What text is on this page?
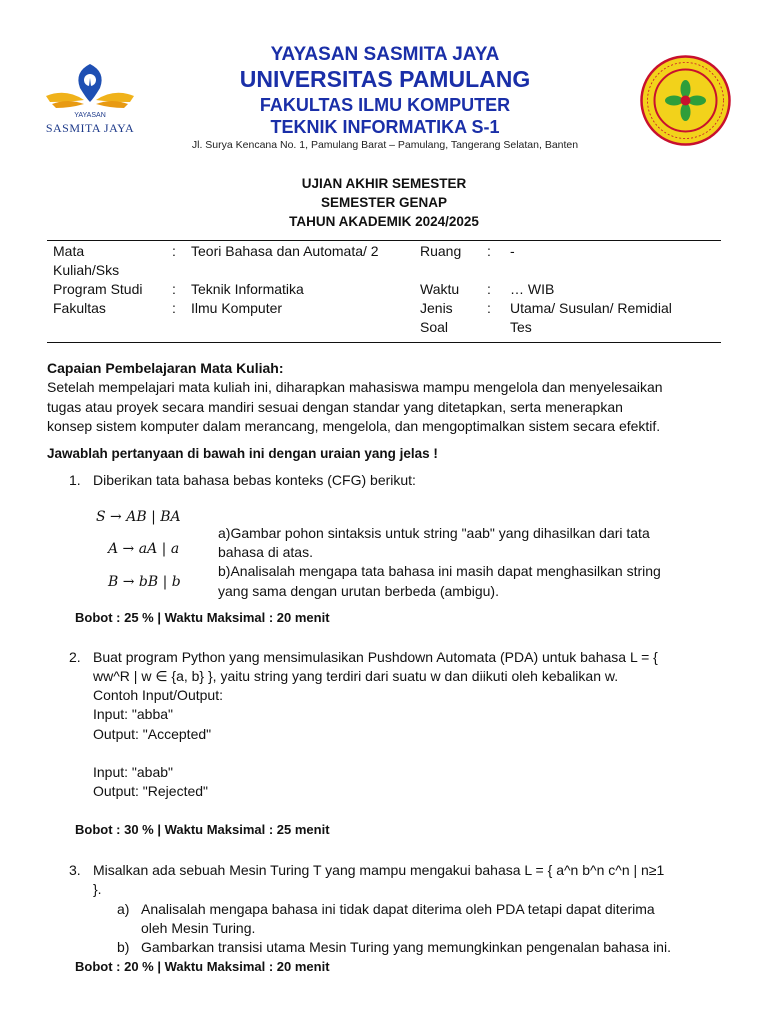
YAYASAN
SASMITA JAYA
YAYASAN SASMITA JAYA
UNIVERSITAS PAMULANG
FAKULTAS ILMU KOMPUTER
TEKNIK INFORMATIKA S-1
Jl. Surya Kencana No. 1, Pamulang Barat – Pamulang, Tangerang Selatan, Banten
UJIAN AKHIR SEMESTER
SEMESTER GENAP
TAHUN AKADEMIK 2024/2025
Mata
Kuliah/Sks
: Teori Bahasa dan Automata/ 2
Program Studi : Teknik Informatika
Fakultas	: Ilmu Komputer
Ruang : -
Waktu : … WIB
Jenis
Soal
: Utama/ Susulan/ Remidial
Tes
Capaian Pembelajaran Mata Kuliah:
Setelah mempelajari mata kuliah ini, diharapkan mahasiswa mampu mengelola dan menyelesaikan
tugas atau proyek secara mandiri sesuai dengan standar yang ditetapkan, serta menerapkan
konsep sistem komputer dalam merancang, mengelola, dan mengoptimalkan sistem secara efektif.
Jawablah pertanyaan di bawah ini dengan uraian yang jelas !
1. Diberikan tata bahasa bebas konteks (CFG) berikut:
S → AB | BA
A → aA | a
B → bB | b
a)Gambar pohon sintaksis untuk string "aab" yang dihasilkan dari tata
bahasa di atas.
b)Analisalah mengapa tata bahasa ini masih dapat menghasilkan string
yang sama dengan urutan berbeda (ambigu).
Bobot : 25 % | Waktu Maksimal : 20 menit
2. Buat program Python yang mensimulasikan Pushdown Automata (PDA) untuk bahasa L = {
ww^R | w ∈ {a, b} }, yaitu string yang terdiri dari suatu w dan diikuti oleh kebalikan w.
Contoh Input/Output:
Input: "abba"
Output: "Accepted"
Input: "abab"
Output: "Rejected"
Bobot : 30 % | Waktu Maksimal : 25 menit
3. Misalkan ada sebuah Mesin Turing T yang mampu mengakui bahasa L = { a^n b^n c^n | n≥1
}.
a) Analisalah mengapa bahasa ini tidak dapat diterima oleh PDA tetapi dapat diterima
oleh Mesin Turing.
b) Gambarkan transisi utama Mesin Turing yang memungkinkan pengenalan bahasa ini.
Bobot : 20 % | Waktu Maksimal : 20 menit
